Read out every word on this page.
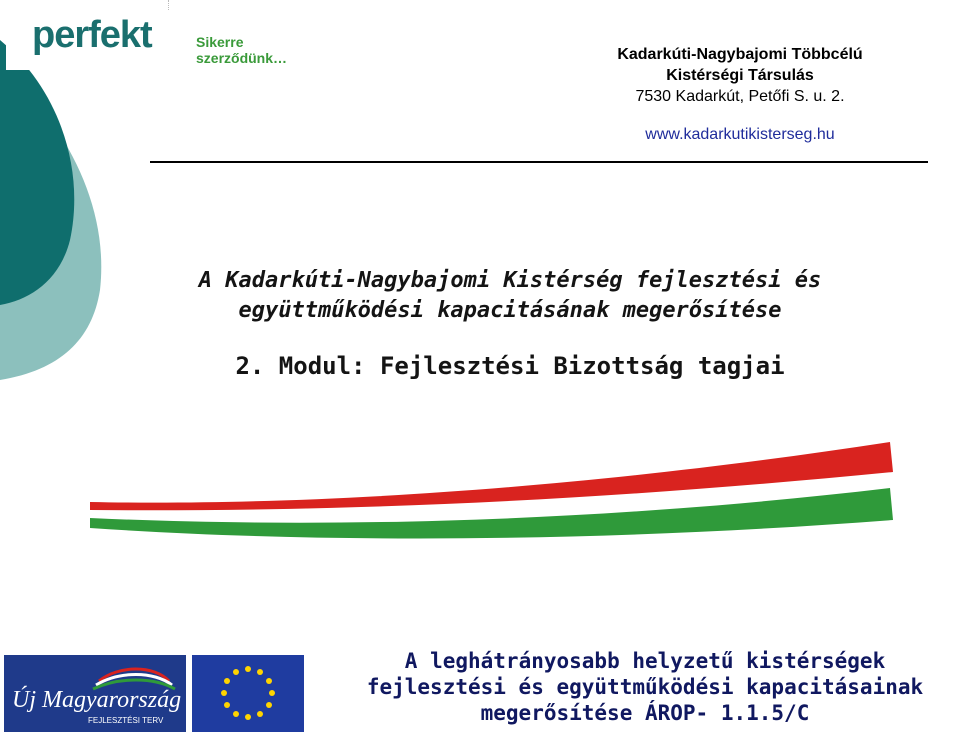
perfekt	Sikerre szerződünk…	Kadarkúti-Nagybajomi Többcélú
Kistérségi Társulás
7530 Kadarkút, Petőfi S. u. 2.
www.kadarkutikisterseg.hu
A Kadarkúti-Nagybajomi Kistérség fejlesztési és
együttműködési kapacitásának megerősítése
2. Modul: Fejlesztési Bizottság tagjai
Új Magyarország
FEJLESZTÉSI TERV
A leghátrányosabb helyzetű kistérségek
fejlesztési és együttműködési kapacitásainak
megerősítése ÁROP- 1.1.5/C
